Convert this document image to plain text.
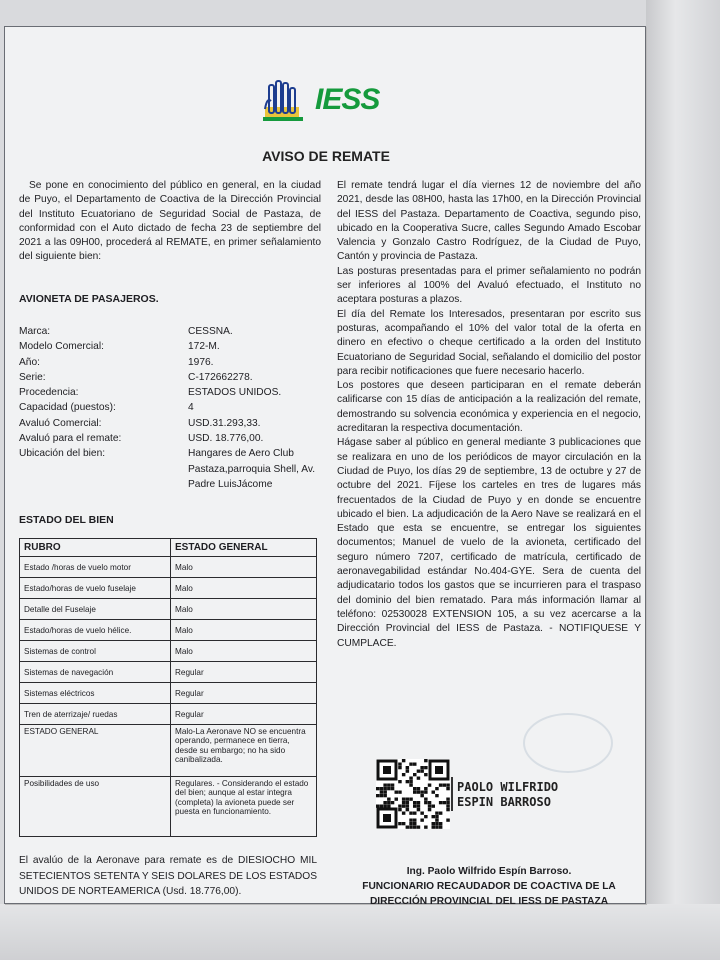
IESS
AVISO DE REMATE
Se pone en conocimiento del público en general, en la ciudad de Puyo, el Departamento de Coactiva de la Dirección Provincial del Instituto Ecuatoriano de Seguridad Social de Pastaza, de conformidad con el Auto dictado de fecha 23 de septiembre del 2021 a las 09H00, procederá al REMATE, en primer señalamiento del siguiente bien:
AVIONETA DE PASAJEROS.
Marca:	CESSNA.
Modelo Comercial:	172-M.
Año:	1976.
Serie:	C-172662278.
Procedencia:	ESTADOS UNIDOS.
Capacidad (puestos):	4
Avaluó Comercial:	USD.31.293,33.
Avaluó para el remate:	USD. 18.776,00.
Ubicación del bien:	Hangares de Aero Club Pastaza,parroquia Shell, Av. Padre LuisJácome
ESTADO DEL BIEN
RUBRO	ESTADO GENERAL
Estado /horas de vuelo motor	Malo
Estado/horas de vuelo fuselaje	Malo
Detalle del Fuselaje	Malo
Estado/horas de vuelo hélice.	Malo
Sistemas de control	Malo
Sistemas de navegación	Regular
Sistemas eléctricos	Regular
Tren de aterrizaje/ ruedas	Regular
ESTADO GENERAL	Malo-La Aeronave NO se encuentra operando, permanece en tierra, desde su embargo; no ha sido canibalizada.
Posibilidades de uso	Regulares. - Considerando el estado del bien; aunque al estar integra (completa) la avioneta puede ser puesta en funcionamiento.
El avalúo de la Aeronave para remate es de DIESIOCHO MIL SETECIENTOS SETENTA Y SEIS DOLARES DE LOS ESTADOS UNIDOS DE NORTEAMERICA (Usd. 18.776,00).

El remate tendrá lugar el día viernes 12 de noviembre del año 2021, desde las 08H00, hasta las 17h00, en la Dirección Provincial del IESS del Pastaza. Departamento de Coactiva, segundo piso, ubicado en la Cooperativa Sucre, calles Segundo Amado Escobar Valencia y Gonzalo Castro Rodríguez, de la Ciudad de Puyo, Cantón y provincia de Pastaza.

Las posturas presentadas para el primer señalamiento no podrán ser inferiores al 100% del Avaluó efectuado, el Instituto no aceptara posturas a plazos.

El día del Remate los Interesados, presentaran por escrito sus posturas, acompañando el 10% del valor total de la oferta en dinero en efectivo o cheque certificado a la orden del Instituto Ecuatoriano de Seguridad Social, señalando el domicilio del postor para recibir notificaciones que fuere necesario hacerlo.

Los postores que deseen participaran en el remate deberán calificarse con 15 días de anticipación a la realización del remate, demostrando su solvencia económica y experiencia en el negocio, acreditaran la respectiva documentación.

Hágase saber al público en general mediante 3 publicaciones que se realizara en uno de los periódicos de mayor circulación en la Ciudad de Puyo, los días 29 de septiembre, 13 de octubre y 27 de octubre del 2021. Fíjese los carteles en tres de lugares más frecuentados de la Ciudad de Puyo y en donde se encuentre ubicado el bien. La adjudicación de la Aero Nave se realizará en el Estado que esta se encuentre, se entregar los siguientes documentos; Manuel de vuelo de la avioneta, certificado del seguro número 7207, certificado de matrícula, certificado de aeronavegabilidad estándar No.404-GYE. Sera de cuenta del adjudicatario todos los gastos que se incurrieren para el traspaso del dominio del bien rematado. Para más información llamar al teléfono: 02530028 EXTENSION 105, a su vez acercarse a la Dirección Provincial del IESS de Pastaza. - NOTIFIQUESE Y CUMPLACE.

PAOLO WILFRIDO
ESPIN BARROSO
Ing. Paolo Wilfrido Espín Barroso.
FUNCIONARIO RECAUDADOR DE COACTIVA DE LA
DIRECCIÓN PROVINCIAL DEL IESS DE PASTAZA
